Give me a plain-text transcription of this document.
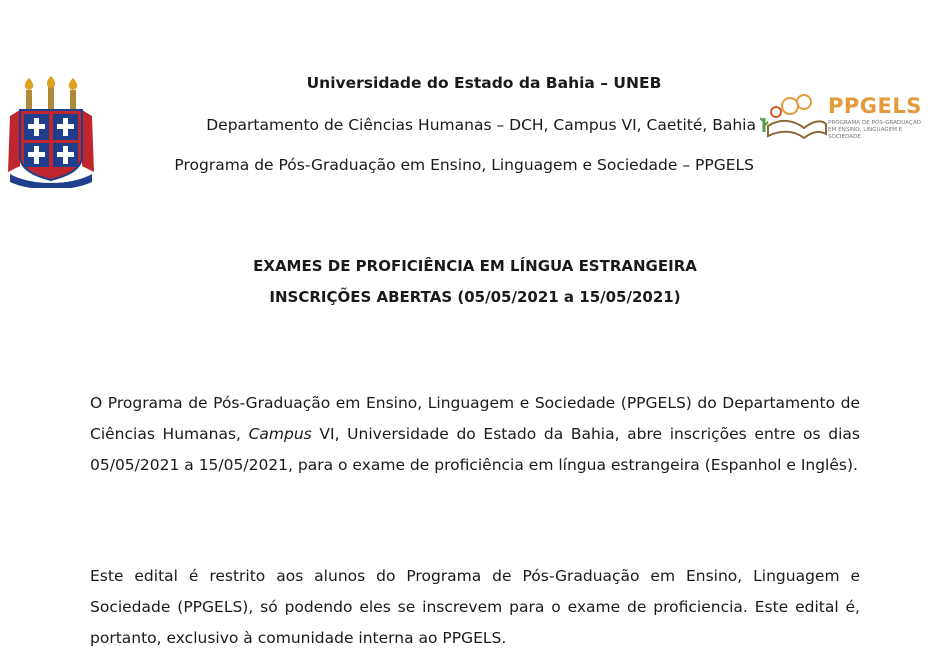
Universidade do Estado da Bahia – UNEB
Departamento de Ciências Humanas – DCH, Campus VI, Caetité, Bahia
Programa de Pós-Graduação em Ensino, Linguagem e Sociedade – PPGELS
PPGELS
PROGRAMA DE PÓS-GRADUAÇÃO EM ENSINO, LINGUAGEM E SOCIEDADE
EXAMES DE PROFICIÊNCIA EM LÍNGUA ESTRANGEIRA
INSCRIÇÕES ABERTAS (05/05/2021 a 15/05/2021)
O Programa de Pós-Graduação em Ensino, Linguagem e Sociedade (PPGELS) do Departamento de Ciências Humanas, Campus VI, Universidade do Estado da Bahia, abre inscrições entre os dias 05/05/2021 a 15/05/2021, para o exame de proficiência em língua estrangeira (Espanhol e Inglês).
Este edital é restrito aos alunos do Programa de Pós-Graduação em Ensino, Linguagem e Sociedade (PPGELS), só podendo eles se inscrevem para o exame de proficiencia. Este edital é, portanto, exclusivo à comunidade interna ao PPGELS.
